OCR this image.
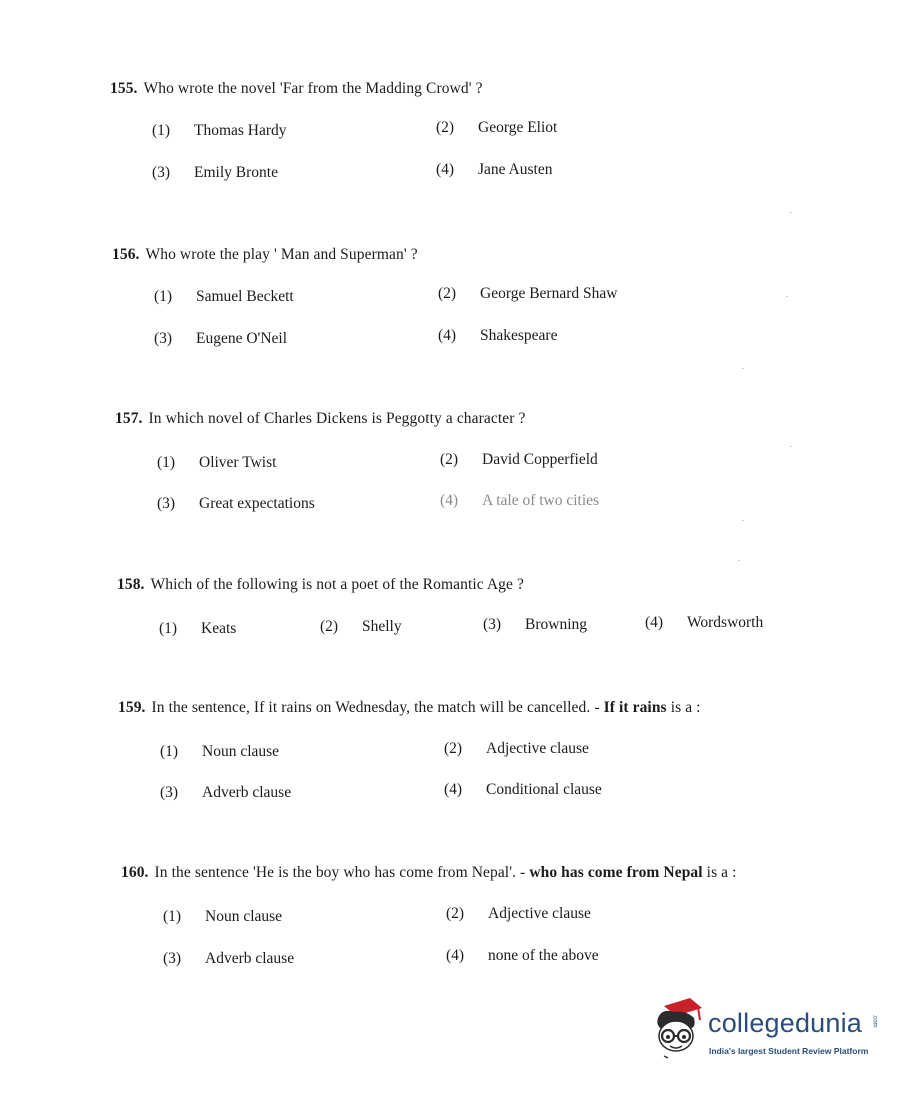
155. Who wrote the novel 'Far from the Madding Crowd' ?
(1) Thomas Hardy	(2) George Eliot
(3) Emily Bronte	(4) Jane Austen
156. Who wrote the play ' Man and Superman' ?
(1) Samuel Beckett	(2) George Bernard Shaw
(3) Eugene O'Neil	(4) Shakespeare
157. In which novel of Charles Dickens is Peggotty a character ?
(1) Oliver Twist	(2) David Copperfield
(3) Great expectations	(4) A tale of two cities
158. Which of the following is not a poet of the Romantic Age ?
(1) Keats	(2) Shelly	(3) Browning	(4) Wordsworth
159. In the sentence, If it rains on Wednesday, the match will be cancelled. - If it rains is a :
(1) Noun clause	(2) Adjective clause
(3) Adverb clause	(4) Conditional clause
160. In the sentence 'He is the boy who has come from Nepal'. - who has come from Nepal is a :
(1) Noun clause	(2) Adjective clause
(3) Adverb clause	(4) none of the above
collegedunia .com
India's largest Student Review Platform
